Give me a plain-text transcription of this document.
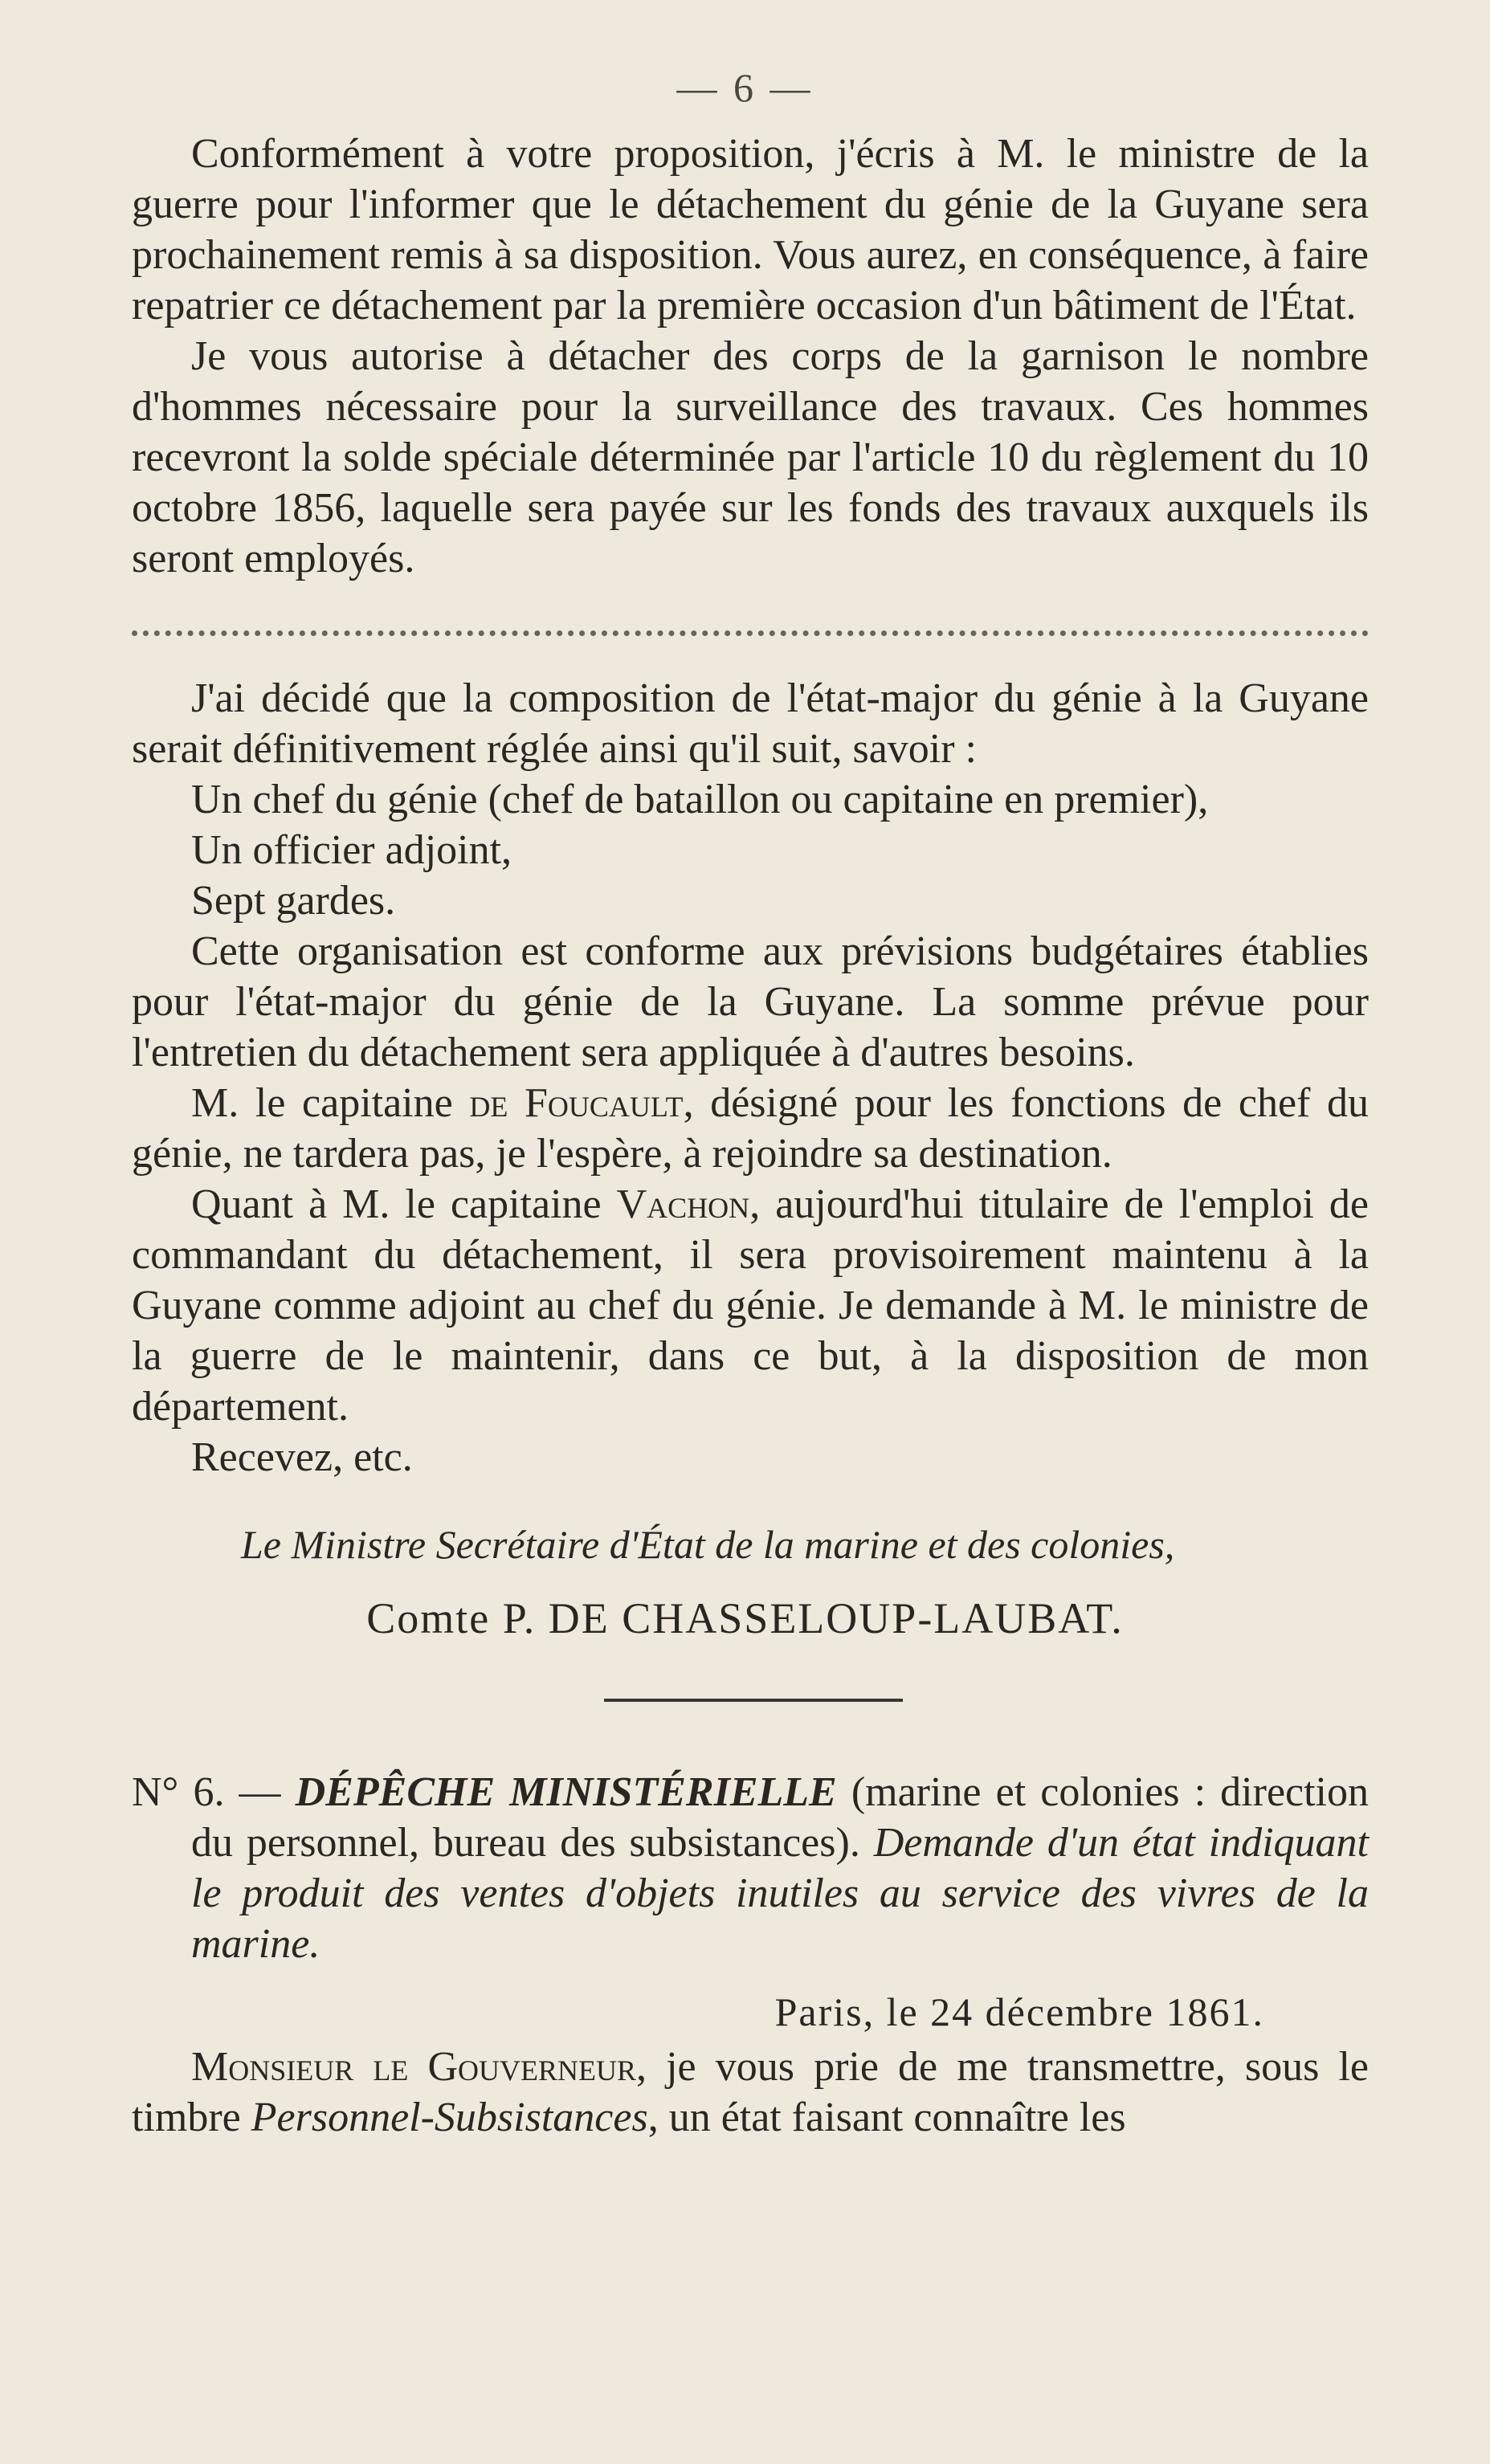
— 6 —

Conformément à votre proposition, j'écris à M. le ministre de la guerre pour l'informer que le détachement du génie de la Guyane sera prochainement remis à sa disposition. Vous aurez, en conséquence, à faire repatrier ce détachement par la première occasion d'un bâtiment de l'État.

Je vous autorise à détacher des corps de la garnison le nombre d'hommes nécessaire pour la surveillance des travaux. Ces hommes recevront la solde spéciale déterminée par l'article 10 du règlement du 10 octobre 1856, laquelle sera payée sur les fonds des travaux auxquels ils seront employés.

J'ai décidé que la composition de l'état-major du génie à la Guyane serait définitivement réglée ainsi qu'il suit, savoir :

Un chef du génie (chef de bataillon ou capitaine en premier),

Un officier adjoint,

Sept gardes.

Cette organisation est conforme aux prévisions budgétaires établies pour l'état-major du génie de la Guyane. La somme prévue pour l'entretien du détachement sera appliquée à d'autres besoins.

M. le capitaine de Foucault, désigné pour les fonctions de chef du génie, ne tardera pas, je l'espère, à rejoindre sa destination.

Quant à M. le capitaine Vachon, aujourd'hui titulaire de l'emploi de commandant du détachement, il sera provisoirement maintenu à la Guyane comme adjoint au chef du génie. Je demande à M. le ministre de la guerre de le maintenir, dans ce but, à la disposition de mon département.

Recevez, etc.

Le Ministre Secrétaire d'État de la marine et des colonies,
Comte P. DE CHASSELOUP-LAUBAT.

N° 6. — DÉPÊCHE MINISTÉRIELLE (marine et colonies : direction du personnel, bureau des subsistances). Demande d'un état indiquant le produit des ventes d'objets inutiles au service des vivres de la marine.

Paris, le 24 décembre 1861.

Monsieur le Gouverneur, je vous prie de me transmettre, sous le timbre Personnel-Subsistances, un état faisant connaître les
